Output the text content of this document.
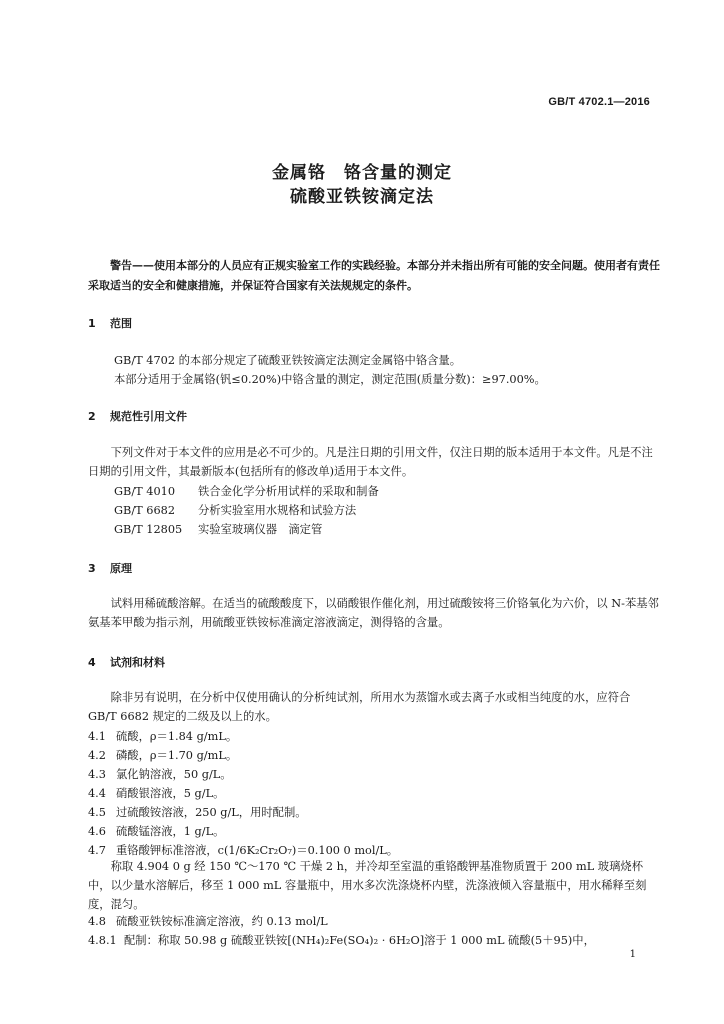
GB/T 4702.1—2016
金属铬　铬含量的测定
硫酸亚铁铵滴定法
警告——使用本部分的人员应有正规实验室工作的实践经验。本部分并未指出所有可能的安全问题。使用者有责任采取适当的安全和健康措施，并保证符合国家有关法规规定的条件。
1 范围
GB/T 4702 的本部分规定了硫酸亚铁铵滴定法测定金属铬中铬含量。
本部分适用于金属铬(钒≤0.20%)中铬含量的测定，测定范围(质量分数)：≥97.00%。
2 规范性引用文件
下列文件对于本文件的应用是必不可少的。凡是注日期的引用文件，仅注日期的版本适用于本文件。凡是不注日期的引用文件，其最新版本(包括所有的修改单)适用于本文件。
GB/T 4010 铁合金化学分析用试样的采取和制备
GB/T 6682 分析实验室用水规格和试验方法
GB/T 12805 实验室玻璃仪器　滴定管
3 原理
试料用稀硫酸溶解。在适当的硫酸酸度下，以硝酸银作催化剂，用过硫酸铵将三价铬氧化为六价，以 N-苯基邻氨基苯甲酸为指示剂，用硫酸亚铁铵标准滴定溶液滴定，测得铬的含量。
4 试剂和材料
除非另有说明，在分析中仅使用确认的分析纯试剂，所用水为蒸馏水或去离子水或相当纯度的水，应符合 GB/T 6682 规定的二级及以上的水。
4.1 硫酸，ρ＝1.84 g/mL。
4.2 磷酸，ρ＝1.70 g/mL。
4.3 氯化钠溶液，50 g/L。
4.4 硝酸银溶液，5 g/L。
4.5 过硫酸铵溶液，250 g/L，用时配制。
4.6 硫酸锰溶液，1 g/L。
4.7 重铬酸钾标准溶液，c(1/6K₂Cr₂O₇)＝0.100 0 mol/L。
称取 4.904 0 g 经 150 ℃～170 ℃ 干燥 2 h，并冷却至室温的重铬酸钾基准物质置于 200 mL 玻璃烧杯中，以少量水溶解后，移至 1 000 mL 容量瓶中，用水多次洗涤烧杯内壁，洗涤液倾入容量瓶中，用水稀释至刻度，混匀。
4.8 硫酸亚铁铵标准滴定溶液，约 0.13 mol/L
4.8.1 配制：称取 50.98 g 硫酸亚铁铵[(NH₄)₂Fe(SO₄)₂ · 6H₂O]溶于 1 000 mL 硫酸(5＋95)中，
1
